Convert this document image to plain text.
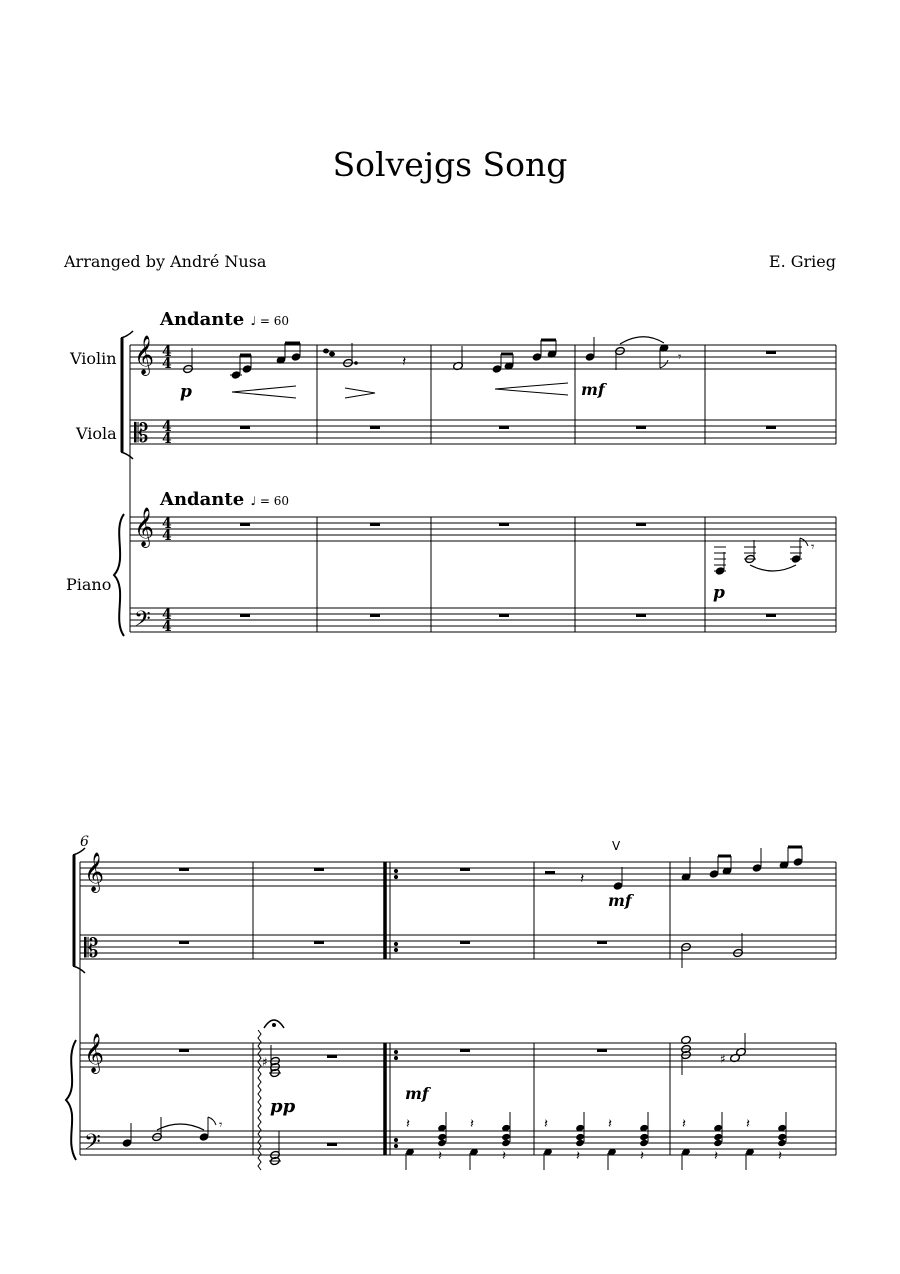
Solvejgs Song
Arranged by André Nusa	E. Grieg
Andante ♩ = 60
Andante ♩ = 60
Violin
Viola
Piano
𝄞
𝄡
𝄞
𝄢
4
4
4
4
4
4
4
4
𝄽	𝄾
p	mf
p
𝄾
6
𝄞
𝄡
𝄞
𝄢
𝄽
V
mf
𝄾
♯
pp
mf
♯
𝄽
𝄽
𝄽
𝄽
𝄽
𝄽
𝄽
𝄽
𝄽
𝄽
𝄽
𝄽
